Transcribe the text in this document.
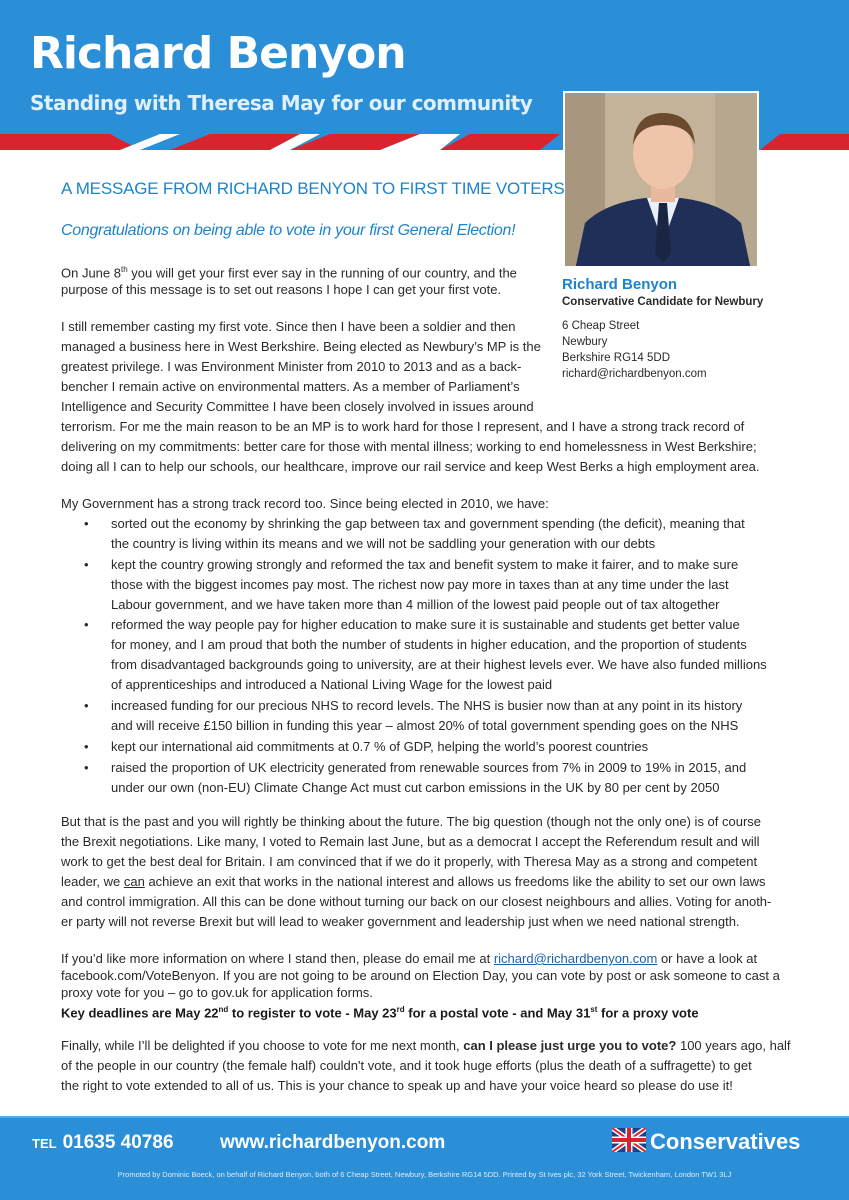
Richard Benyon
Standing with Theresa May for our community
Richard Benyon
Conservative Candidate for Newbury
6 Cheap Street
Newbury
Berkshire RG14 5DD
richard@richardbenyon.com
A MESSAGE FROM RICHARD BENYON TO FIRST TIME VOTERS
Congratulations on being able to vote in your first General Election!

On June 8th you will get your first ever say in the running of our country, and the

purpose of this message is to set out reasons I hope I can get your first vote.

I still remember casting my first vote. Since then I have been a soldier and then

managed a business here in West Berkshire. Being elected as Newbury’s MP is the

greatest privilege. I was Environment Minister from 2010 to 2013 and as a back-

bencher I remain active on environmental matters. As a member of Parliament’s

Intelligence and Security Committee I have been closely involved in issues around

terrorism. For me the main reason to be an MP is to work hard for those I represent, and I have a strong track record of

delivering on my commitments: better care for those with mental illness; working to end homelessness in West Berkshire;

doing all I can to help our schools, our healthcare, improve our rail service and keep West Berks a high employment area.

My Government has a strong track record too. Since being elected in 2010, we have:

• sorted out the economy by shrinking the gap between tax and government spending (the deficit), meaning that
the country is living within its means and we will not be saddling your generation with our debts
• kept the country growing strongly and reformed the tax and benefit system to make it fairer, and to make sure
those with the biggest incomes pay most. The richest now pay more in taxes than at any time under the last
Labour government, and we have taken more than 4 million of the lowest paid people out of tax altogether
• reformed the way people pay for higher education to make sure it is sustainable and students get better value
for money, and I am proud that both the number of students in higher education, and the proportion of students
from disadvantaged backgrounds going to university, are at their highest levels ever. We have also funded millions
of apprenticeships and introduced a National Living Wage for the lowest paid
• increased funding for our precious NHS to record levels. The NHS is busier now than at any point in its history
and will receive £150 billion in funding this year – almost 20% of total government spending goes on the NHS
• kept our international aid commitments at 0.7 % of GDP, helping the world’s poorest countries
• raised the proportion of UK electricity generated from renewable sources from 7% in 2009 to 19% in 2015, and
under our own (non-EU) Climate Change Act must cut carbon emissions in the UK by 80 per cent by 2050

But that is the past and you will rightly be thinking about the future. The big question (though not the only one) is of course

the Brexit negotiations. Like many, I voted to Remain last June, but as a democrat I accept the Referendum result and will

work to get the best deal for Britain. I am convinced that if we do it properly, with Theresa May as a strong and competent

leader, we can achieve an exit that works in the national interest and allows us freedoms like the ability to set our own laws

and control immigration. All this can be done without turning our back on our closest neighbours and allies. Voting for anoth-

er party will not reverse Brexit but will lead to weaker government and leadership just when we need national strength.

If you’d like more information on where I stand then, please do email me at richard@richardbenyon.com or have a look at

facebook.com/VoteBenyon. If you are not going to be around on Election Day, you can vote by post or ask someone to cast a

proxy vote for you – go to gov.uk for application forms.

Key deadlines are May 22nd to register to vote - May 23rd for a postal vote - and May 31st for a proxy vote

Finally, while I’ll be delighted if you choose to vote for me next month, can I please just urge you to vote? 100 years ago, half

of the people in our country (the female half) couldn't vote, and it took huge efforts (plus the death of a suffragette) to get

the right to vote extended to all of us. This is your chance to speak up and have your voice heard so please do use it!

TEL 01635 40786 www.richardbenyon.com	Conservatives
Promoted by Dominic Boeck, on behalf of Richard Benyon, both of 6 Cheap Street, Newbury, Berkshire RG14 5DD. Printed by St Ives plc, 32 York Street, Twickenham, London TW1 3LJ
